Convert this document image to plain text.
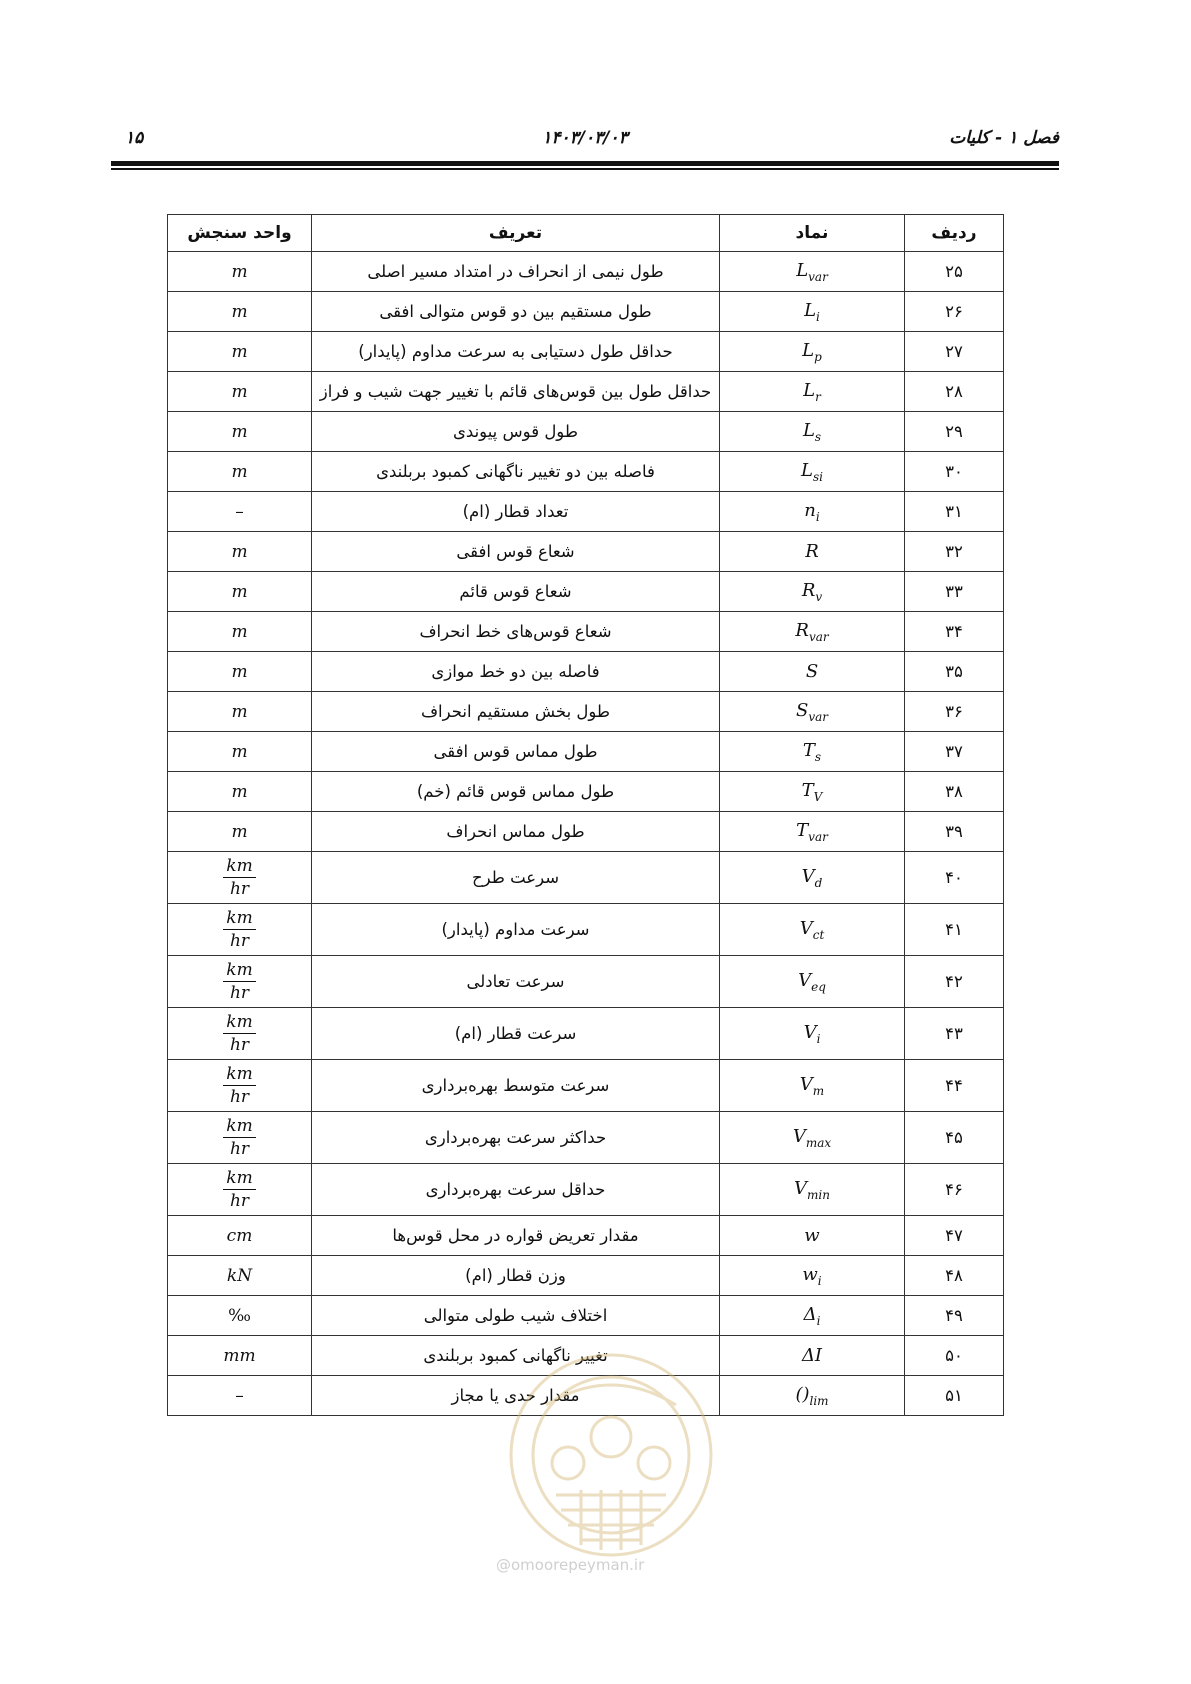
فصل ۱ - کلیات
۱۴۰۳/۰۳/۰۳
۱۵
ردیف	نماد	تعریف	واحد سنجش
۲۵	$L_{var}$	طول نیمی از انحراف در امتداد مسیر اصلی	m
۲۶	$L_i$	طول مستقیم بین دو قوس متوالی افقی	m
۲۷	$L_p$	حداقل طول دستیابی به سرعت مداوم (پایدار)	m
۲۸	$L_r$	حداقل طول بین قوس‌های قائم با تغییر جهت شیب و فراز	m
۲۹	$L_s$	طول قوس پیوندی	m
۳۰	$L_{si}$	فاصله بین دو تغییر ناگهانی کمبود بربلندی	m
۳۱	$n_i$	تعداد قطار (ام)	–
۳۲	R	شعاع قوس افقی	m
۳۳	$R_v$	شعاع قوس قائم	m
۳۴	$R_{var}$	شعاع قوس‌های خط انحراف	m
۳۵	S	فاصله بین دو خط موازی	m
۳۶	$S_{var}$	طول بخش مستقیم انحراف	m
۳۷	$T_s$	طول مماس قوس افقی	m
۳۸	$T_V$	طول مماس قوس قائم (خم)	m
۳۹	$T_{var}$	طول مماس انحراف	m
۴۰	$V_d$	سرعت طرح	$\frac{km}{hr}$

۴۱	$V_{ct}$	سرعت مداوم (پایدار)	$\frac{km}{hr}$

۴۲	$V_{eq}$	سرعت تعادلی	$\frac{km}{hr}$

۴۳	$V_i$	سرعت قطار (ام)	$\frac{km}{hr}$

۴۴	$V_m$	سرعت متوسط بهره‌برداری	$\frac{km}{hr}$

۴۵	$V_{max}$	حداکثر سرعت بهره‌برداری	$\frac{km}{hr}$

۴۶	$V_{min}$	حداقل سرعت بهره‌برداری	$\frac{km}{hr}$

۴۷	w	مقدار تعریض قواره در محل قوس‌ها	cm
۴۸	$w_i$	وزن قطار (ام)	kN
۴۹	$\Delta_i$	اختلاف شیب طولی متوالی	‰
۵۰	ΔI	تغییر ناگهانی کمبود بربلندی	mm
۵۱	$()_{lim}$	مقدار حدی یا مجاز	–
@omoorepeyman.ir
